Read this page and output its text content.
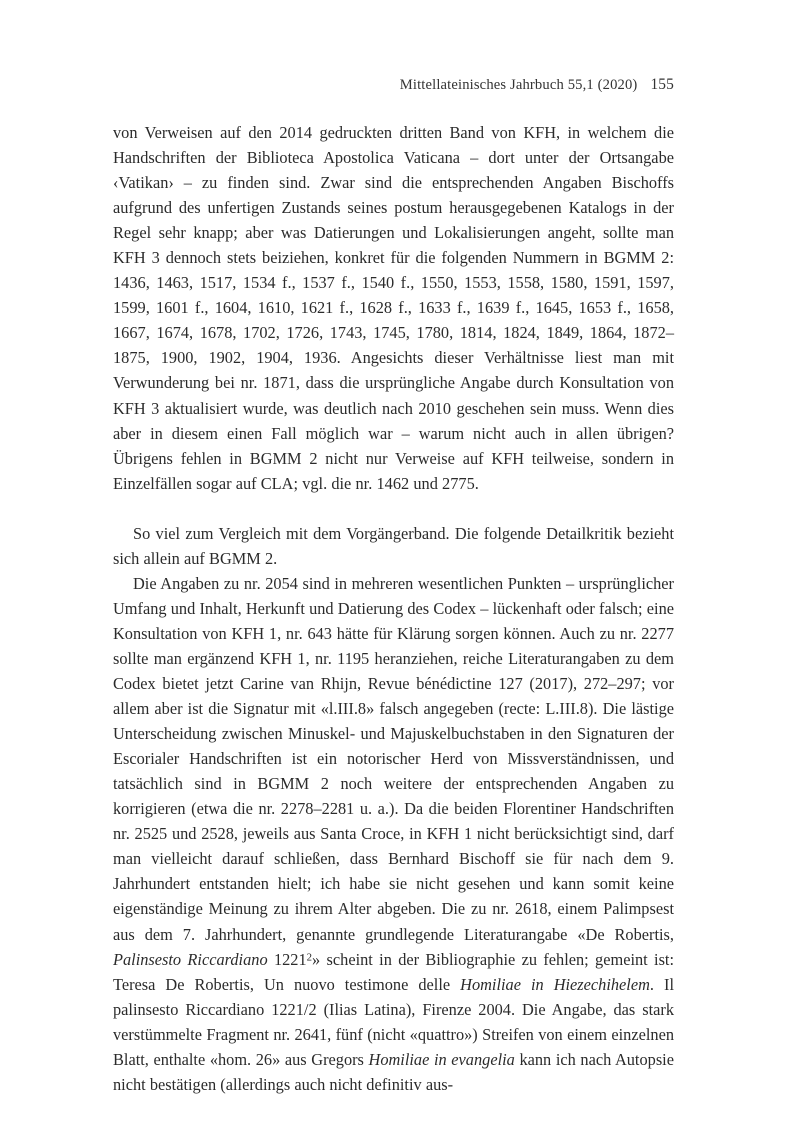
Mittellateinisches Jahrbuch 55,1 (2020) 155

von Verweisen auf den 2014 gedruckten dritten Band von KFH, in welchem die Handschriften der Biblioteca Apostolica Vaticana – dort unter der Ortsangabe ‹Vatikan› – zu finden sind. Zwar sind die entsprechenden Angaben Bischoffs aufgrund des unfertigen Zustands seines postum herausgegebenen Katalogs in der Regel sehr knapp; aber was Datierungen und Lokalisierungen angeht, sollte man KFH 3 dennoch stets beiziehen, konkret für die folgenden Nummern in BGMM 2: 1436, 1463, 1517, 1534 f., 1537 f., 1540 f., 1550, 1553, 1558, 1580, 1591, 1597, 1599, 1601 f., 1604, 1610, 1621 f., 1628 f., 1633 f., 1639 f., 1645, 1653 f., 1658, 1667, 1674, 1678, 1702, 1726, 1743, 1745, 1780, 1814, 1824, 1849, 1864, 1872–1875, 1900, 1902, 1904, 1936. Angesichts dieser Verhältnisse liest man mit Verwunderung bei nr. 1871, dass die ursprüngliche Angabe durch Konsultation von KFH 3 aktualisiert wurde, was deutlich nach 2010 geschehen sein muss. Wenn dies aber in diesem einen Fall möglich war – warum nicht auch in allen übrigen? Übrigens fehlen in BGMM 2 nicht nur Verweise auf KFH teilweise, sondern in Einzelfällen sogar auf CLA; vgl. die nr. 1462 und 2775.

So viel zum Vergleich mit dem Vorgängerband. Die folgende Detailkritik bezieht sich allein auf BGMM 2.

Die Angaben zu nr. 2054 sind in mehreren wesentlichen Punkten – ursprünglicher Umfang und Inhalt, Herkunft und Datierung des Codex – lückenhaft oder falsch; eine Konsultation von KFH 1, nr. 643 hätte für Klärung sorgen können. Auch zu nr. 2277 sollte man ergänzend KFH 1, nr. 1195 heranziehen, reiche Literaturangaben zu dem Codex bietet jetzt Carine van Rhijn, Revue bénédictine 127 (2017), 272–297; vor allem aber ist die Signatur mit «l.III.8» falsch angegeben (recte: L.III.8). Die lästige Unterscheidung zwischen Minuskel- und Majuskelbuchstaben in den Signaturen der Escorialer Handschriften ist ein notorischer Herd von Missverständnissen, und tatsächlich sind in BGMM 2 noch weitere der entsprechenden Angaben zu korrigieren (etwa die nr. 2278–2281 u. a.). Da die beiden Florentiner Handschriften nr. 2525 und 2528, jeweils aus Santa Croce, in KFH 1 nicht berücksichtigt sind, darf man vielleicht darauf schließen, dass Bernhard Bischoff sie für nach dem 9. Jahrhundert entstanden hielt; ich habe sie nicht gesehen und kann somit keine eigenständige Meinung zu ihrem Alter abgeben. Die zu nr. 2618, einem Palimpsest aus dem 7. Jahrhundert, genannte grundlegende Literaturangabe «De Robertis, Palinsesto Riccardiano 1221$^2$» scheint in der Bibliographie zu fehlen; gemeint ist: Teresa De Robertis, Un nuovo testimone delle Homiliae in Hiezechihelem. Il palinsesto Riccardiano 1221/2 (Ilias Latina), Firenze 2004. Die Angabe, das stark verstümmelte Fragment nr. 2641, fünf (nicht «quattro») Streifen von einem einzelnen Blatt, enthalte «hom. 26» aus Gregors Homiliae in evangelia kann ich nach Autopsie nicht bestätigen (allerdings auch nicht definitiv aus-
